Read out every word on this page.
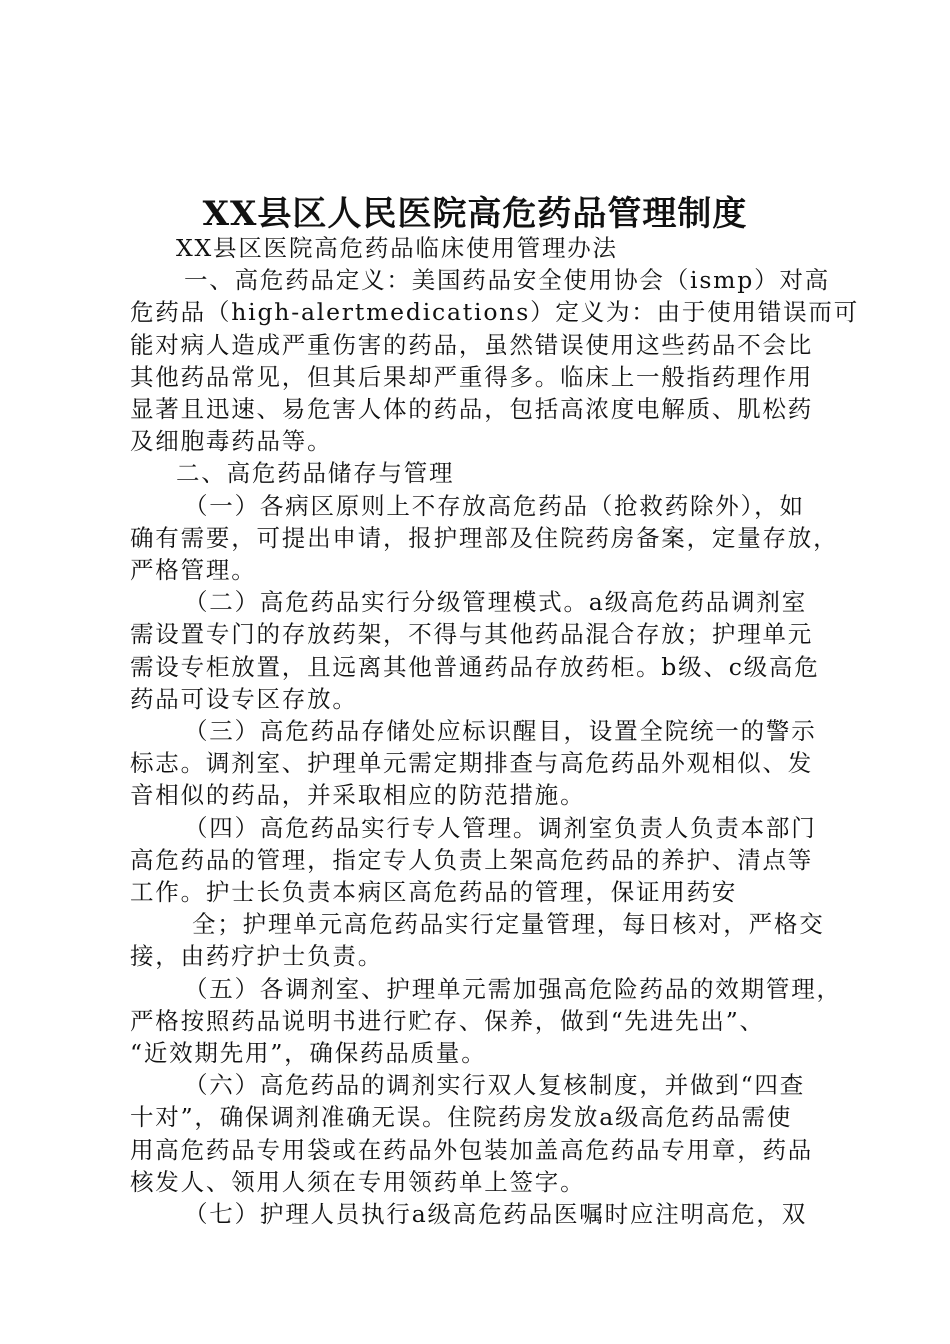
XX县区人民医院高危药品管理制度

XX县区医院高危药品临床使用管理办法

一、高危药品定义：美国药品安全使用协会（ismp）对高

危药品（high-alertmedications）定义为：由于使用错误而可

能对病人造成严重伤害的药品，虽然错误使用这些药品不会比

其他药品常见，但其后果却严重得多。临床上一般指药理作用

显著且迅速、易危害人体的药品，包括高浓度电解质、肌松药

及细胞毒药品等。

二、高危药品储存与管理

（一）各病区原则上不存放高危药品（抢救药除外），如

确有需要，可提出申请，报护理部及住院药房备案，定量存放，

严格管理。

（二）高危药品实行分级管理模式。a级高危药品调剂室

需设置专门的存放药架，不得与其他药品混合存放；护理单元

需设专柜放置，且远离其他普通药品存放药柜。b级、c级高危

药品可设专区存放。

（三）高危药品存储处应标识醒目，设置全院统一的警示

标志。调剂室、护理单元需定期排查与高危药品外观相似、发

音相似的药品，并采取相应的防范措施。

（四）高危药品实行专人管理。调剂室负责人负责本部门

高危药品的管理，指定专人负责上架高危药品的养护、清点等

工作。护士长负责本病区高危药品的管理，保证用药安

全；护理单元高危药品实行定量管理，每日核对，严格交

接，由药疗护士负责。

（五）各调剂室、护理单元需加强高危险药品的效期管理，

严格按照药品说明书进行贮存、保养，做到“先进先出”、

“近效期先用”，确保药品质量。

（六）高危药品的调剂实行双人复核制度，并做到“四查

十对”，确保调剂准确无误。住院药房发放a级高危药品需使

用高危药品专用袋或在药品外包装加盖高危药品专用章，药品

核发人、领用人须在专用领药单上签字。

（七）护理人员执行a级高危药品医嘱时应注明高危，双
